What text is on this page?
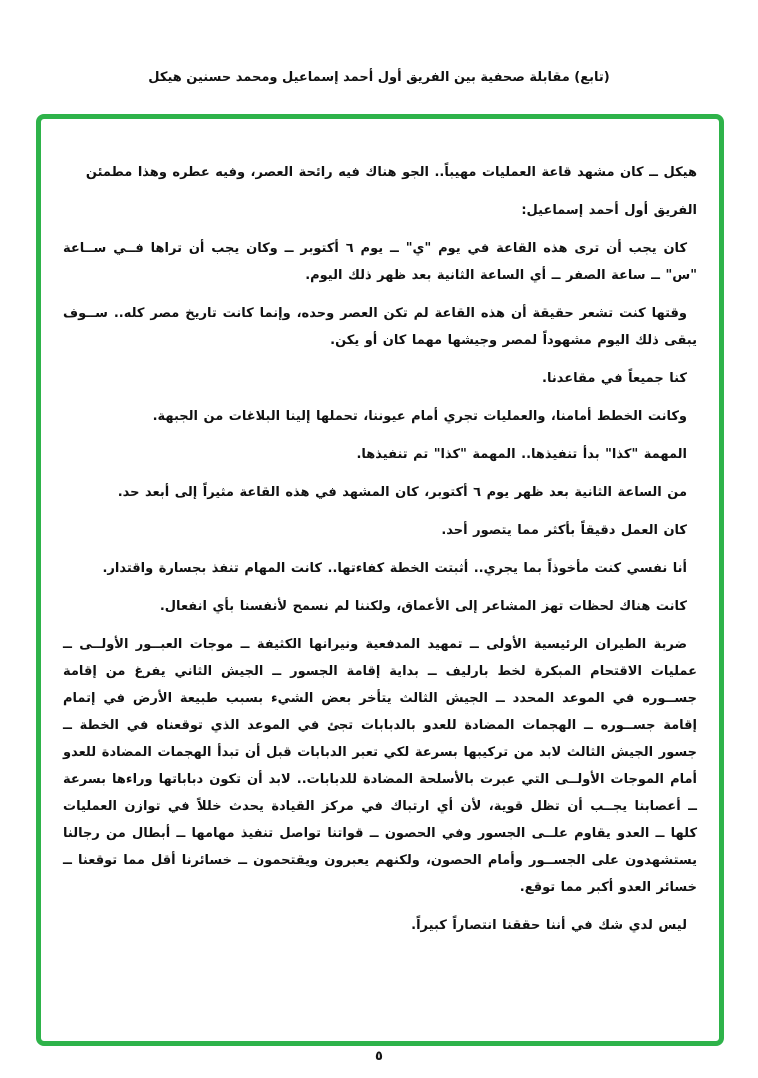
(تابع) مقابلة صحفية بين الفريق أول أحمد إسماعيل ومحمد حسنين هيكل

هيكل ــ كان مشهد قاعة العمليات مهيباً.. الجو هناك فيه رائحة العصر، وفيه عطره وهذا مطمئن

الفريق أول أحمد إسماعيل:

كان يجب أن ترى هذه القاعة في يوم "ي" ــ يوم ٦ أكتوبر ــ وكان يجب أن تراها فــي ســاعة "س" ــ ساعة الصفر ــ أي الساعة الثانية بعد ظهر ذلك اليوم.

وقتها كنت تشعر حقيقة أن هذه القاعة لم تكن العصر وحده، وإنما كانت تاريخ مصر كله.. ســوف يبقى ذلك اليوم مشهوداً لمصر وجيشها مهما كان أو يكن.

كنا جميعاً في مقاعدنا.

وكانت الخطط أمامنا، والعمليات تجري أمام عيوننا، تحملها إلينا البلاغات من الجبهة.

المهمة "كذا" بدأ تنفيذها.. المهمة "كذا" تم تنفيذها.

من الساعة الثانية بعد ظهر يوم ٦ أكتوبر، كان المشهد في هذه القاعة مثيراً إلى أبعد حد.

كان العمل دقيقاً بأكثر مما يتصور أحد.

أنا نفسي كنت مأخوذاً بما يجري.. أثبتت الخطة كفاءتها.. كانت المهام تنفذ بجسارة واقتدار.

كانت هناك لحظات تهز المشاعر إلى الأعماق، ولكننا لم نسمح لأنفسنا بأي انفعال.

ضربة الطيران الرئيسية الأولى ــ تمهيد المدفعية ونيرانها الكثيفة ــ موجات العبــور الأولــى ــ عمليات الاقتحام المبكرة لخط بارليف ــ بداية إقامة الجسور ــ الجيش الثاني يفرغ من إقامة جســوره في الموعد المحدد ــ الجيش الثالث يتأخر بعض الشيء بسبب طبيعة الأرض في إتمام إقامة جســوره ــ الهجمات المضادة للعدو بالدبابات تجئ في الموعد الذي توقعناه في الخطة ــ جسور الجيش الثالث لابد من تركيبها بسرعة لكي تعبر الدبابات قبل أن تبدأ الهجمات المضادة للعدو أمام الموجات الأولــى التي عبرت بالأسلحة المضادة للدبابات.. لابد أن تكون دباباتها وراءها بسرعة ــ أعصابنا يجــب أن تظل قوية، لأن أي ارتباك في مركز القيادة يحدث خللاً في توازن العمليات كلها ــ العدو يقاوم علــى الجسور وفي الحصون ــ قواتنا تواصل تنفيذ مهامها ــ أبطال من رجالنا يستشهدون على الجســور وأمام الحصون، ولكنهم يعبرون ويقتحمون ــ خسائرنا أقل مما توقعنا ــ خسائر العدو أكبر مما توقع.

ليس لدي شك في أننا حققنا انتصاراً كبيراً.

٥
